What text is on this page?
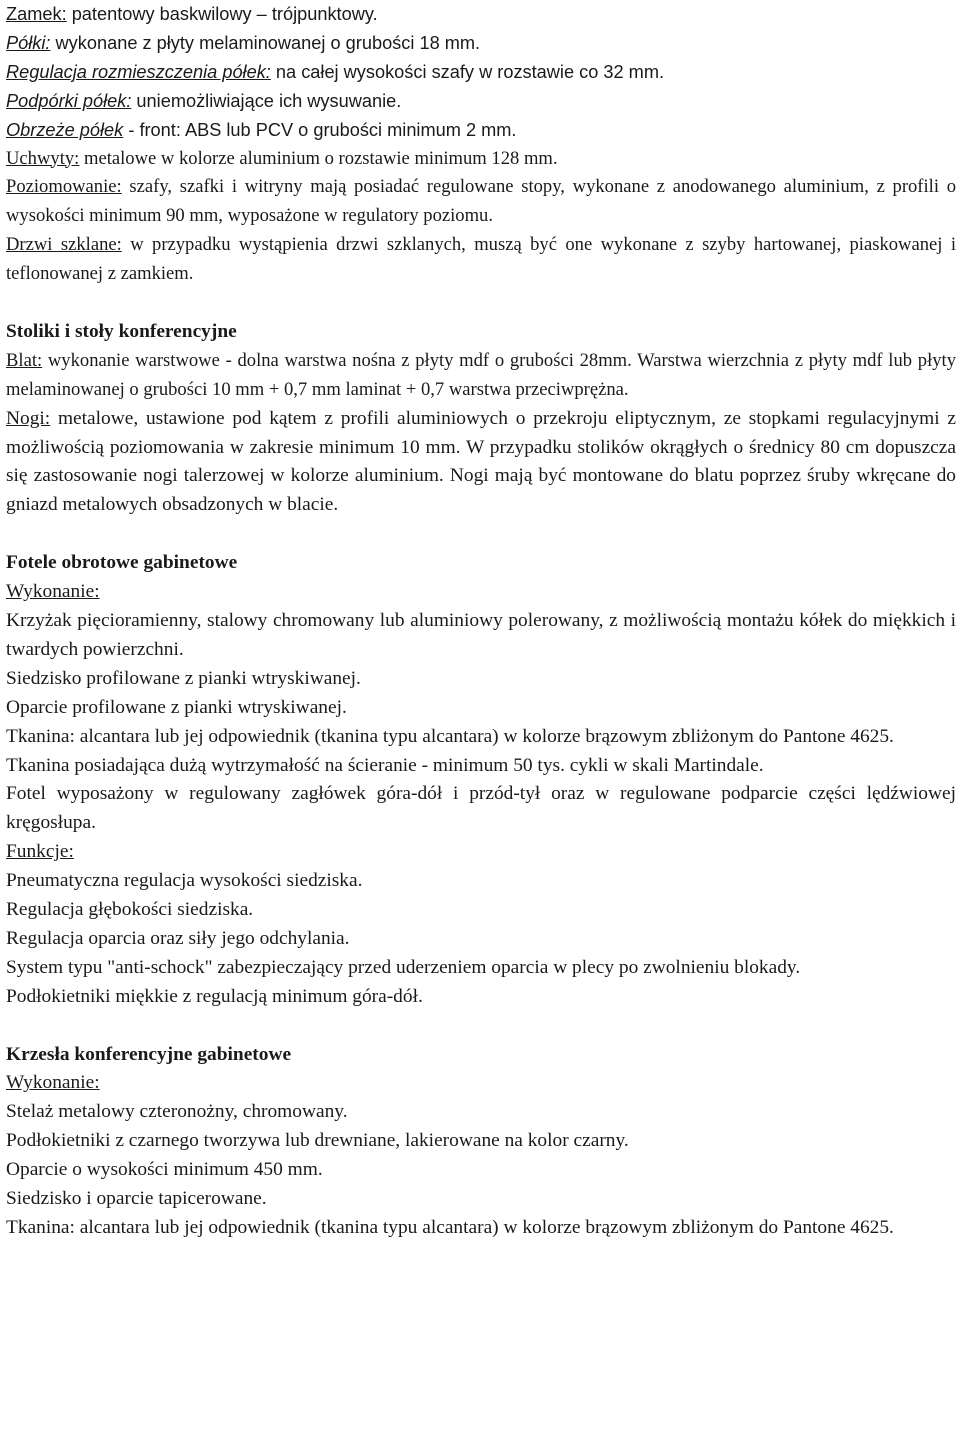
Zamek: patentowy baskwilowy – trójpunktowy.

Półki: wykonane z płyty melaminowanej o grubości 18 mm.

Regulacja rozmieszczenia półek: na całej wysokości szafy w rozstawie co 32 mm.

Podpórki półek: uniemożliwiające ich wysuwanie.

Obrzeże półek - front: ABS lub PCV o grubości minimum 2 mm.

Uchwyty: metalowe w kolorze aluminium o rozstawie minimum 128 mm.

Poziomowanie: szafy, szafki i witryny mają posiadać regulowane stopy, wykonane z anodowanego aluminium, z profili o wysokości minimum 90 mm, wyposażone w regulatory poziomu.

Drzwi szklane: w przypadku wystąpienia drzwi szklanych, muszą być one wykonane z szyby hartowanej, piaskowanej i teflonowanej z zamkiem.

Stoliki i stoły konferencyjne

Blat: wykonanie warstwowe - dolna warstwa nośna z płyty mdf o grubości 28mm. Warstwa wierzchnia z płyty mdf lub płyty melaminowanej o grubości 10 mm + 0,7 mm laminat + 0,7 warstwa przeciwprężna.

Nogi: metalowe, ustawione pod kątem z profili aluminiowych o przekroju eliptycznym, ze stopkami regulacyjnymi z możliwością poziomowania w zakresie minimum 10 mm. W przypadku stolików okrągłych o średnicy 80 cm dopuszcza się zastosowanie nogi talerzowej w kolorze aluminium. Nogi mają być montowane do blatu poprzez śruby wkręcane do gniazd metalowych obsadzonych w blacie.

Fotele obrotowe gabinetowe

Wykonanie:

Krzyżak pięcioramienny, stalowy chromowany lub aluminiowy polerowany, z możliwością montażu kółek do miękkich i twardych powierzchni.

Siedzisko profilowane z pianki wtryskiwanej.

Oparcie profilowane z pianki wtryskiwanej.

Tkanina: alcantara lub jej odpowiednik (tkanina typu alcantara) w kolorze brązowym zbliżonym do Pantone 4625.

Tkanina posiadająca dużą wytrzymałość na ścieranie - minimum 50 tys. cykli w skali Martindale.

Fotel wyposażony w regulowany zagłówek góra-dół i przód-tył oraz w regulowane podparcie części lędźwiowej kręgosłupa.

Funkcje:

Pneumatyczna regulacja wysokości siedziska.

Regulacja głębokości siedziska.

Regulacja oparcia oraz siły jego odchylania.

System typu "anti-schock" zabezpieczający przed uderzeniem oparcia w plecy po zwolnieniu blokady.

Podłokietniki miękkie z regulacją minimum góra-dół.

Krzesła konferencyjne gabinetowe

Wykonanie:

Stelaż metalowy czteronożny, chromowany.

Podłokietniki z czarnego tworzywa lub drewniane, lakierowane na kolor czarny.

Oparcie o wysokości minimum 450 mm.

Siedzisko i oparcie tapicerowane.

Tkanina: alcantara lub jej odpowiednik (tkanina typu alcantara) w kolorze brązowym zbliżonym do Pantone 4625.
